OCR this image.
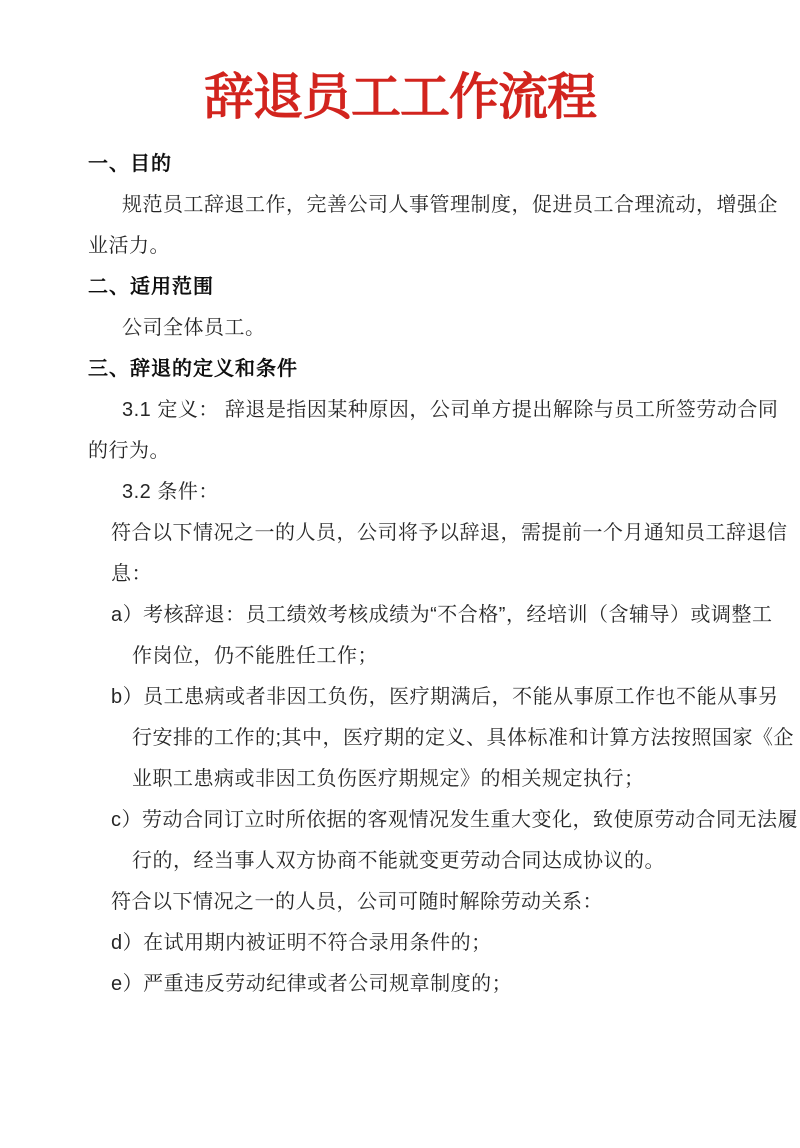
辞退员工工作流程
一、目的
规范员工辞退工作，完善公司人事管理制度，促进员工合理流动，增强企
业活力。
二、适用范围
公司全体员工。
三、辞退的定义和条件
3.1 定义： 辞退是指因某种原因，公司单方提出解除与员工所签劳动合同
的行为。
3.2 条件：
符合以下情况之一的人员，公司将予以辞退，需提前一个月通知员工辞退信
息：
a）考核辞退：员工绩效考核成绩为“不合格”，经培训（含辅导）或调整工
作岗位，仍不能胜任工作；
b）员工患病或者非因工负伤，医疗期满后，不能从事原工作也不能从事另
行安排的工作的;其中，医疗期的定义、具体标准和计算方法按照国家《企
业职工患病或非因工负伤医疗期规定》的相关规定执行；
c）劳动合同订立时所依据的客观情况发生重大变化，致使原劳动合同无法履
行的，经当事人双方协商不能就变更劳动合同达成协议的。
符合以下情况之一的人员，公司可随时解除劳动关系：
d）在试用期内被证明不符合录用条件的；
e）严重违反劳动纪律或者公司规章制度的；
